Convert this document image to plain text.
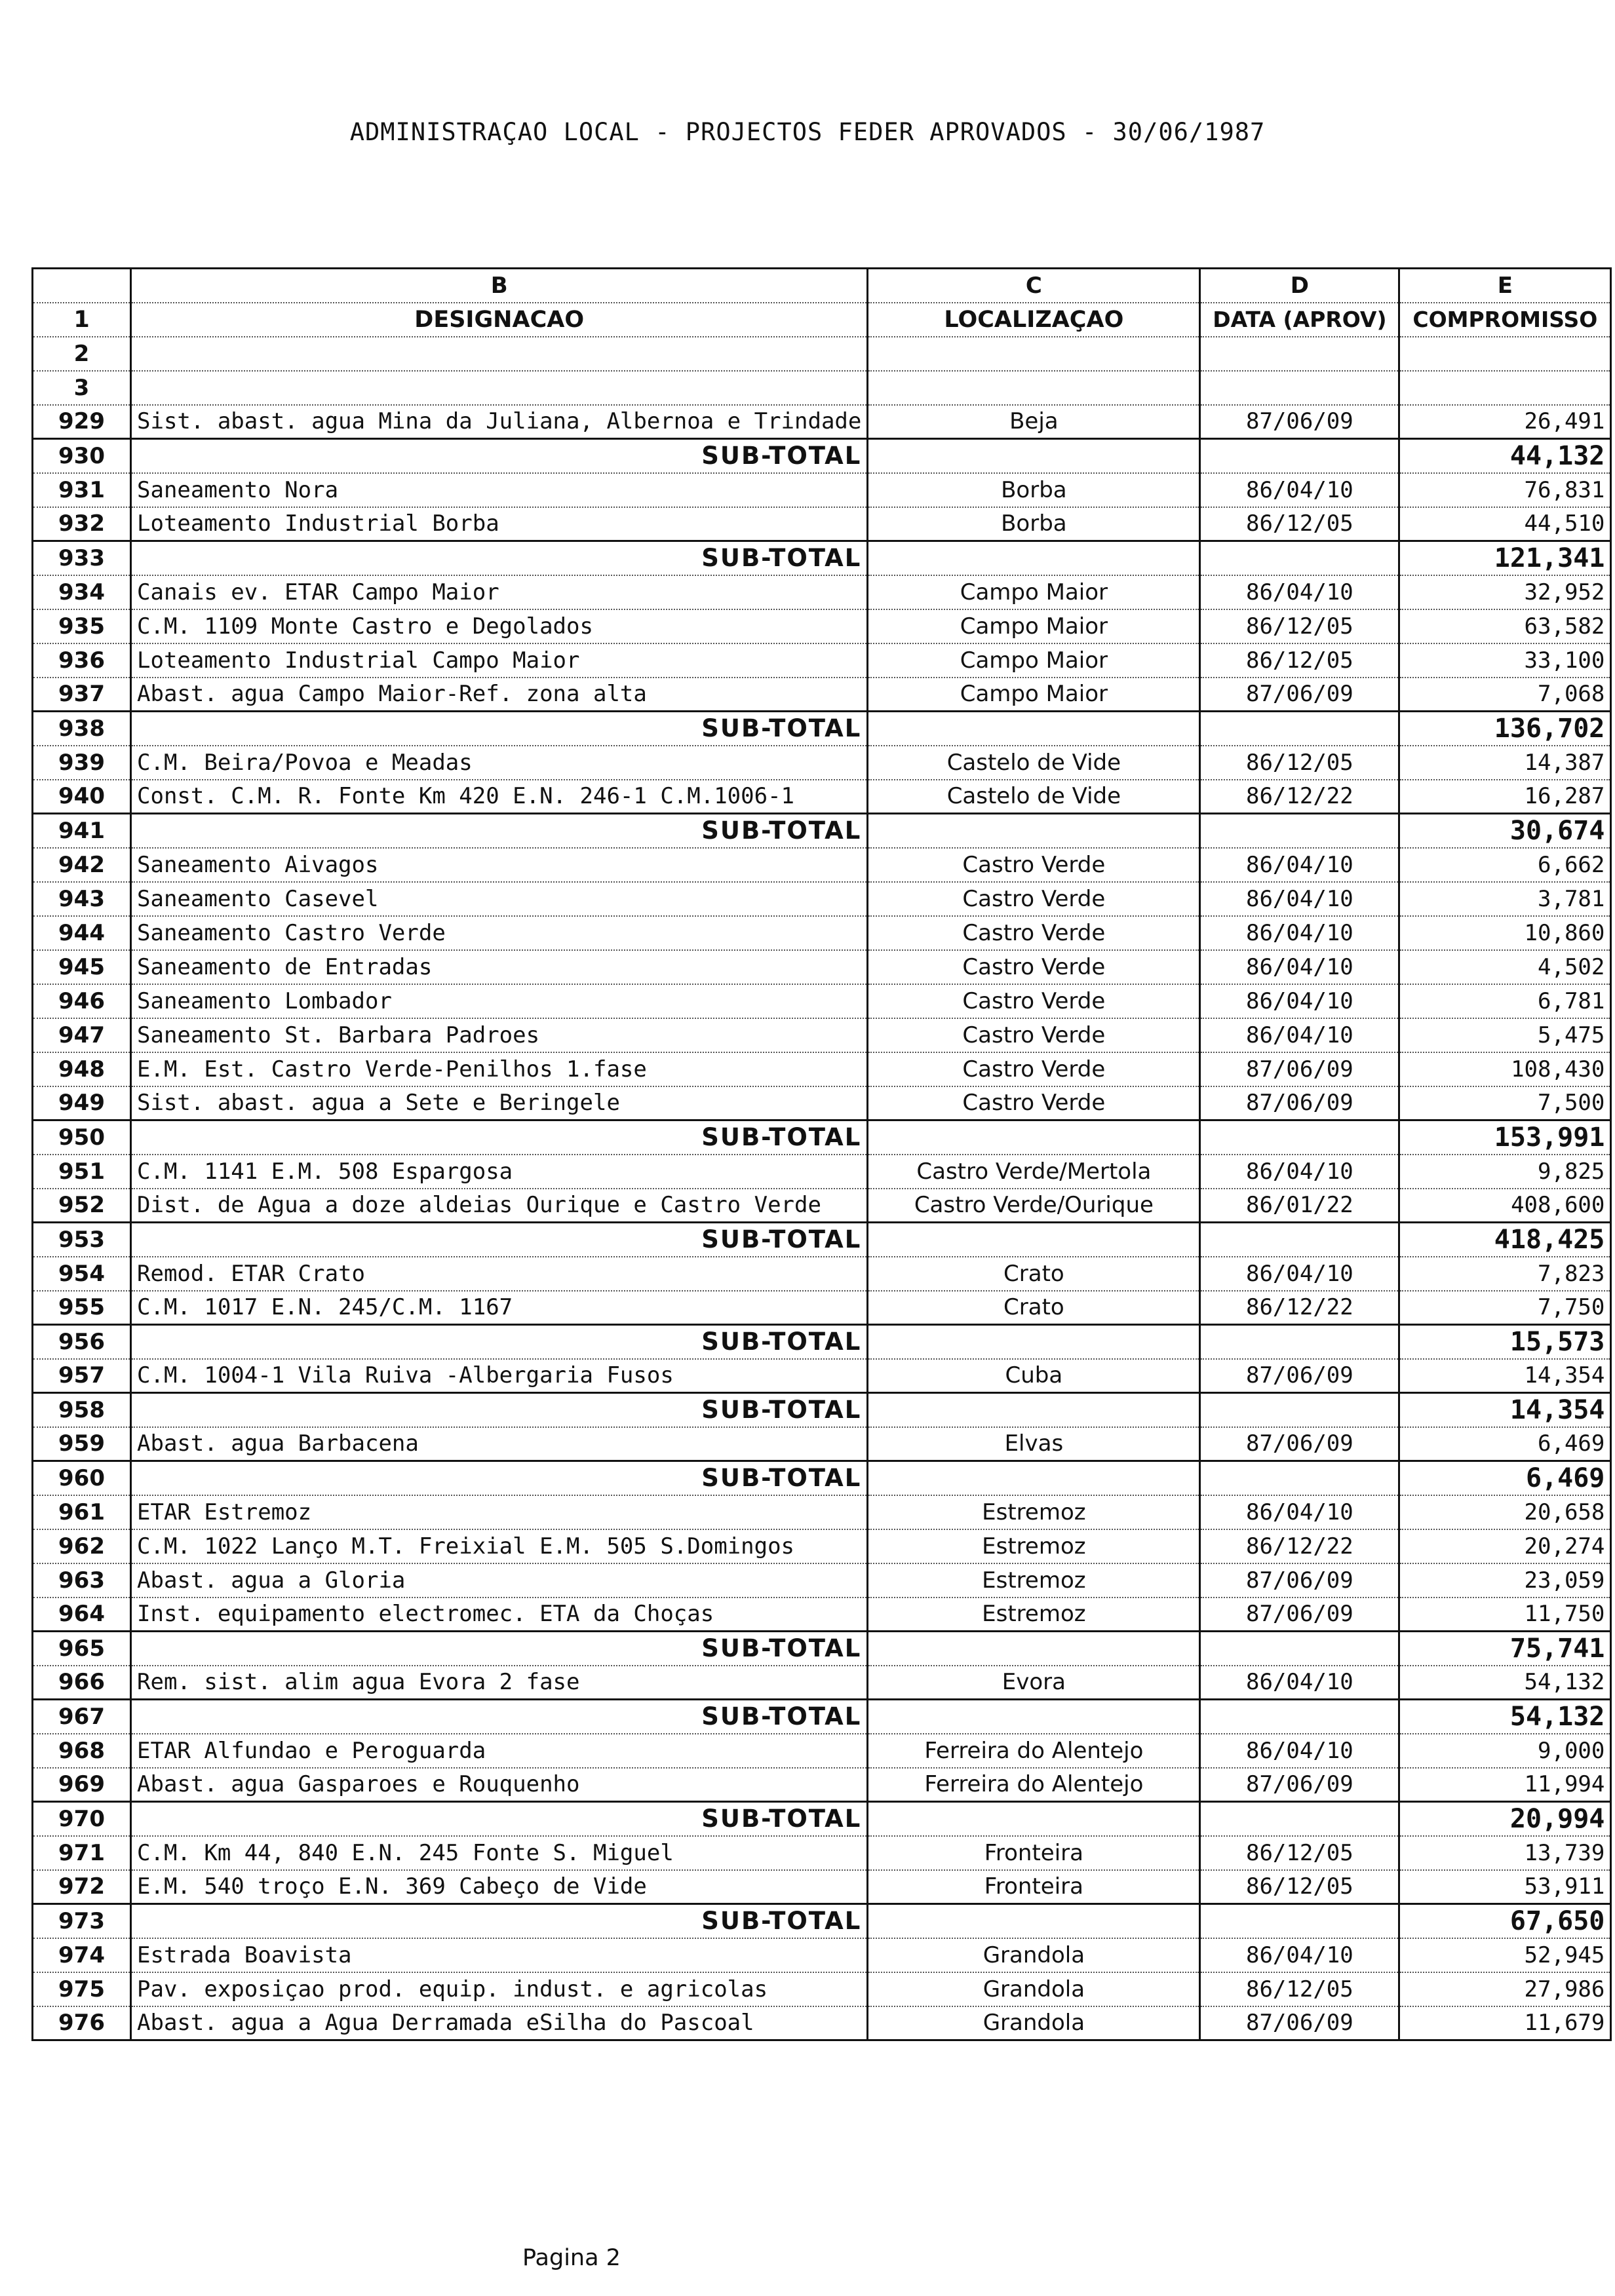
ADMINISTRAÇAO LOCAL - PROJECTOS FEDER APROVADOS - 30/06/1987
	B	C	D	E
1	DESIGNACAO	LOCALIZAÇAO	DATA (APROV)	COMPROMISSO
2				
3				
929	Sist. abast. agua Mina da Juliana, Albernoa e Trindade	Beja	87/06/09	26,491
930	SUB-TOTAL			44,132
931	Saneamento Nora	Borba	86/04/10	76,831
932	Loteamento Industrial Borba	Borba	86/12/05	44,510
933	SUB-TOTAL			121,341
934	Canais ev. ETAR Campo Maior	Campo Maior	86/04/10	32,952
935	C.M. 1109 Monte Castro e Degolados	Campo Maior	86/12/05	63,582
936	Loteamento Industrial Campo Maior	Campo Maior	86/12/05	33,100
937	Abast. agua Campo Maior-Ref. zona alta	Campo Maior	87/06/09	7,068
938	SUB-TOTAL			136,702
939	C.M. Beira/Povoa e Meadas	Castelo de Vide	86/12/05	14,387
940	Const. C.M. R. Fonte Km 420 E.N. 246-1 C.M.1006-1	Castelo de Vide	86/12/22	16,287
941	SUB-TOTAL			30,674
942	Saneamento Aivagos	Castro Verde	86/04/10	6,662
943	Saneamento Casevel	Castro Verde	86/04/10	3,781
944	Saneamento Castro Verde	Castro Verde	86/04/10	10,860
945	Saneamento de Entradas	Castro Verde	86/04/10	4,502
946	Saneamento Lombador	Castro Verde	86/04/10	6,781
947	Saneamento St. Barbara Padroes	Castro Verde	86/04/10	5,475
948	E.M. Est. Castro Verde-Penilhos 1.fase	Castro Verde	87/06/09	108,430
949	Sist. abast. agua a Sete e Beringele	Castro Verde	87/06/09	7,500
950	SUB-TOTAL			153,991
951	C.M. 1141 E.M. 508 Espargosa	Castro Verde/Mertola	86/04/10	9,825
952	Dist. de Agua a doze aldeias Ourique e Castro Verde	Castro Verde/Ourique	86/01/22	408,600
953	SUB-TOTAL			418,425
954	Remod. ETAR Crato	Crato	86/04/10	7,823
955	C.M. 1017 E.N. 245/C.M. 1167	Crato	86/12/22	7,750
956	SUB-TOTAL			15,573
957	C.M. 1004-1 Vila Ruiva -Albergaria Fusos	Cuba	87/06/09	14,354
958	SUB-TOTAL			14,354
959	Abast. agua Barbacena	Elvas	87/06/09	6,469
960	SUB-TOTAL			6,469
961	ETAR Estremoz	Estremoz	86/04/10	20,658
962	C.M. 1022 Lanço M.T. Freixial E.M. 505 S.Domingos	Estremoz	86/12/22	20,274
963	Abast. agua a Gloria	Estremoz	87/06/09	23,059
964	Inst. equipamento electromec. ETA da Choças	Estremoz	87/06/09	11,750
965	SUB-TOTAL			75,741
966	Rem. sist. alim agua Evora 2 fase	Evora	86/04/10	54,132
967	SUB-TOTAL			54,132
968	ETAR Alfundao e Peroguarda	Ferreira do Alentejo	86/04/10	9,000
969	Abast. agua Gasparoes e Rouquenho	Ferreira do Alentejo	87/06/09	11,994
970	SUB-TOTAL			20,994
971	C.M. Km 44, 840 E.N. 245 Fonte S. Miguel	Fronteira	86/12/05	13,739
972	E.M. 540 troço E.N. 369 Cabeço de Vide	Fronteira	86/12/05	53,911
973	SUB-TOTAL			67,650
974	Estrada Boavista	Grandola	86/04/10	52,945
975	Pav. exposiçao prod. equip. indust. e agricolas	Grandola	86/12/05	27,986
976	Abast. agua a Agua Derramada eSilha do Pascoal	Grandola	87/06/09	11,679
Pagina 2
